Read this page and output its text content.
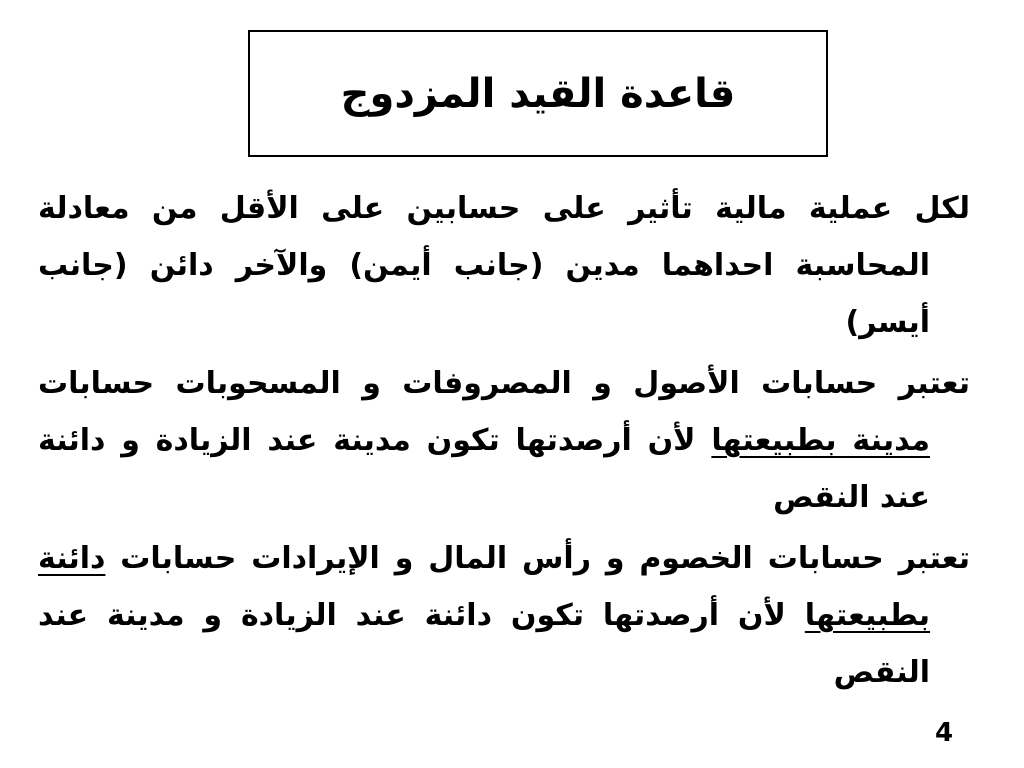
قاعدة القيد المزدوج

لكل عملية مالية تأثير على حسابين على الأقل من معادلة المحاسبة احداهما مدين (جانب أيمن) والآخر دائن (جانب أيسر)

تعتبر حسابات الأصول و المصروفات و المسحوبات حسابات مدينة بطبيعتها لأن أرصدتها تكون مدينة عند الزيادة و دائنة عند النقص

تعتبر حسابات الخصوم و رأس المال و الإيرادات حسابات دائنة بطبيعتها لأن أرصدتها تكون دائنة عند الزيادة و مدينة عند النقص

4
